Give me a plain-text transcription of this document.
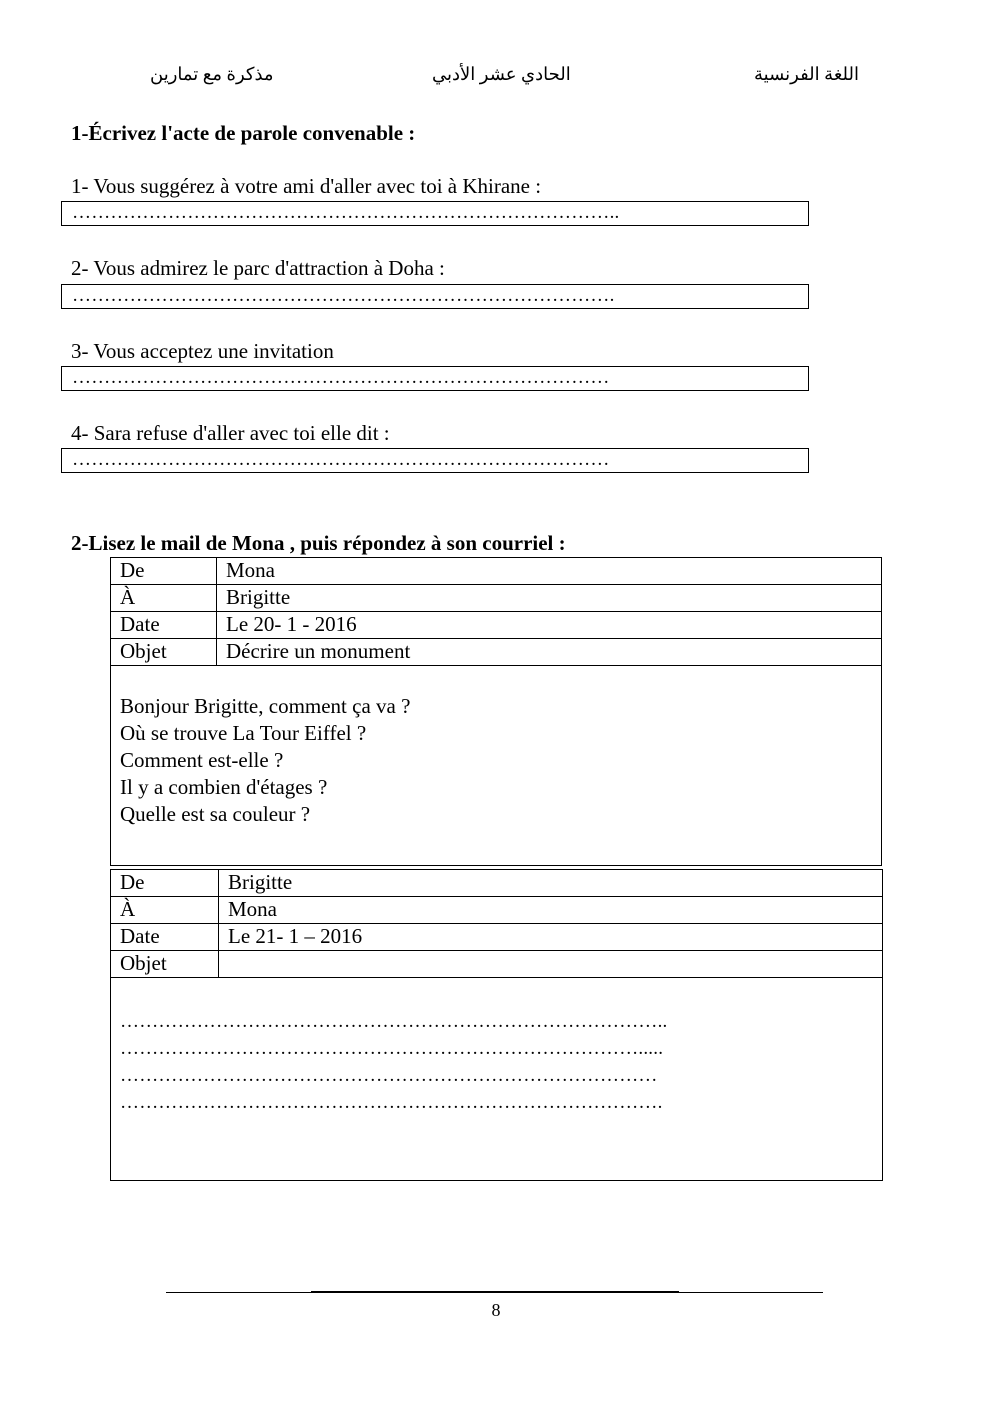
اللغة الفرنسية
الحادي عشر الأدبي
مذكرة مع تمارين
1-Écrivez l'acte de parole convenable :
1- Vous suggérez à votre ami d'aller avec toi à Khirane :
…………………………………………………………………………..
2- Vous admirez le parc d'attraction à Doha :
………………………………………………………………………….
3- Vous acceptez une invitation
…………………………………………………………………………
4- Sara refuse d'aller avec toi elle dit :
…………………………………………………………………………
2-Lisez le mail de Mona , puis répondez à son courriel :
De	Mona
À	Brigitte
Date	Le 20- 1 - 2016
Objet	Décrire un monument

Bonjour Brigitte, comment ça va ?
Où se trouve La Tour Eiffel ?
Comment est-elle ?
Il y a combien d'étages ?
Quelle est sa couleur ?	
De	Brigitte
À	Mona
Date	Le 21- 1 – 2016
Objet	

…………………………………………………………………………..
……………………………………………………………………….....
…………………………………………………………………………
………………………………………………………………………….	
8
